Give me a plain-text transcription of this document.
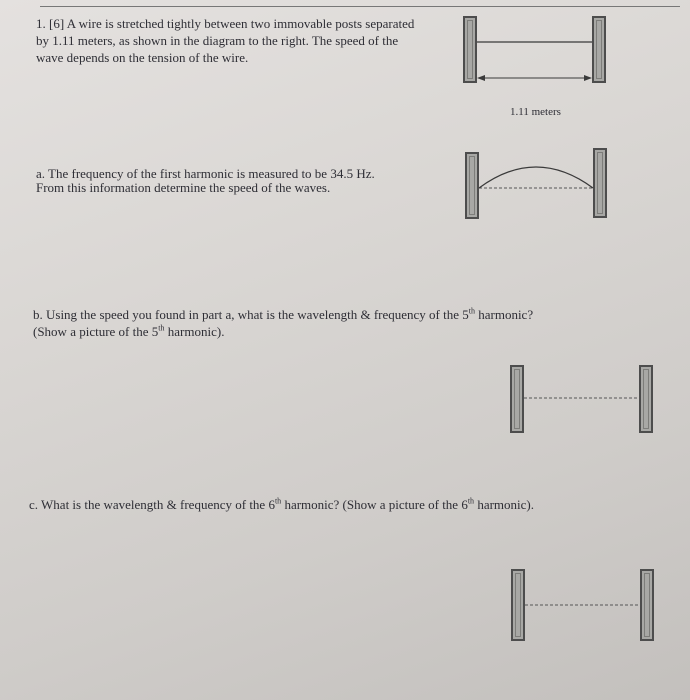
1. [6] A wire is stretched tightly between two immovable posts separated
by 1.11 meters, as shown in the diagram to the right. The speed of the
wave depends on the tension of the wire.
1.11 meters
a. The frequency of the first harmonic is measured to be 34.5 Hz.
From this information determine the speed of the waves.
b. Using the speed you found in part a, what is the wavelength & frequency of the 5th harmonic?
(Show a picture of the 5th harmonic).
c. What is the wavelength & frequency of the 6th harmonic? (Show a picture of the 6th harmonic).
